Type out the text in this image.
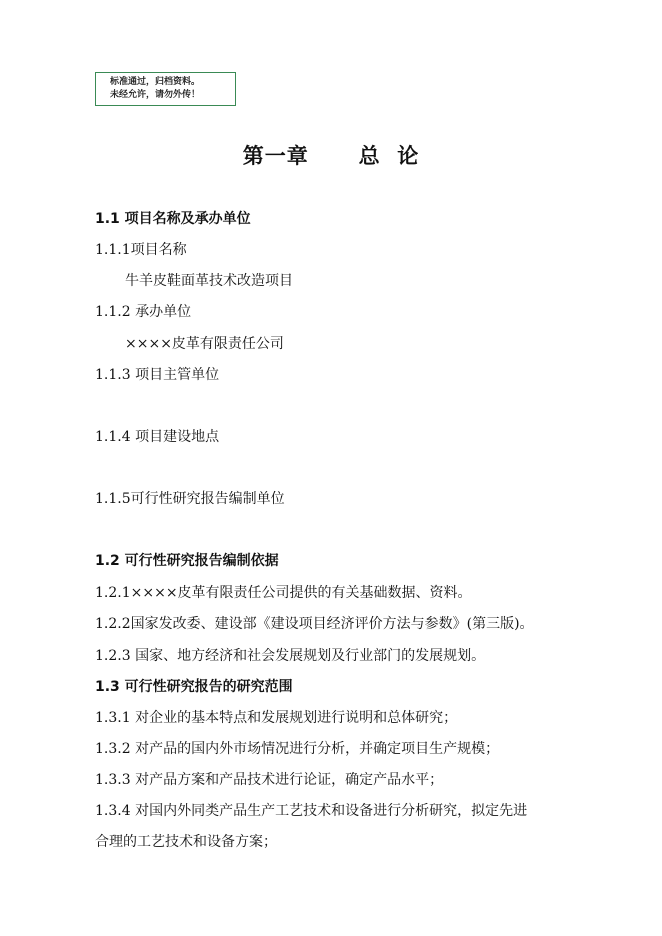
标准通过，归档资料。
未经允许，请勿外传！
第一章      总  论
1.1 项目名称及承办单位
1.1.1项目名称
牛羊皮鞋面革技术改造项目
1.1.2 承办单位
××××皮革有限责任公司
1.1.3 项目主管单位
1.1.4 项目建设地点
1.1.5可行性研究报告编制单位
1.2 可行性研究报告编制依据
1.2.1××××皮革有限责任公司提供的有关基础数据、资料。
1.2.2国家发改委、建设部《建设项目经济评价方法与参数》(第三版)。
1.2.3 国家、地方经济和社会发展规划及行业部门的发展规划。
1.3 可行性研究报告的研究范围
1.3.1 对企业的基本特点和发展规划进行说明和总体研究；
1.3.2 对产品的国内外市场情况进行分析，并确定项目生产规模；
1.3.3 对产品方案和产品技术进行论证，确定产品水平；
1.3.4 对国内外同类产品生产工艺技术和设备进行分析研究，拟定先进
合理的工艺技术和设备方案；
